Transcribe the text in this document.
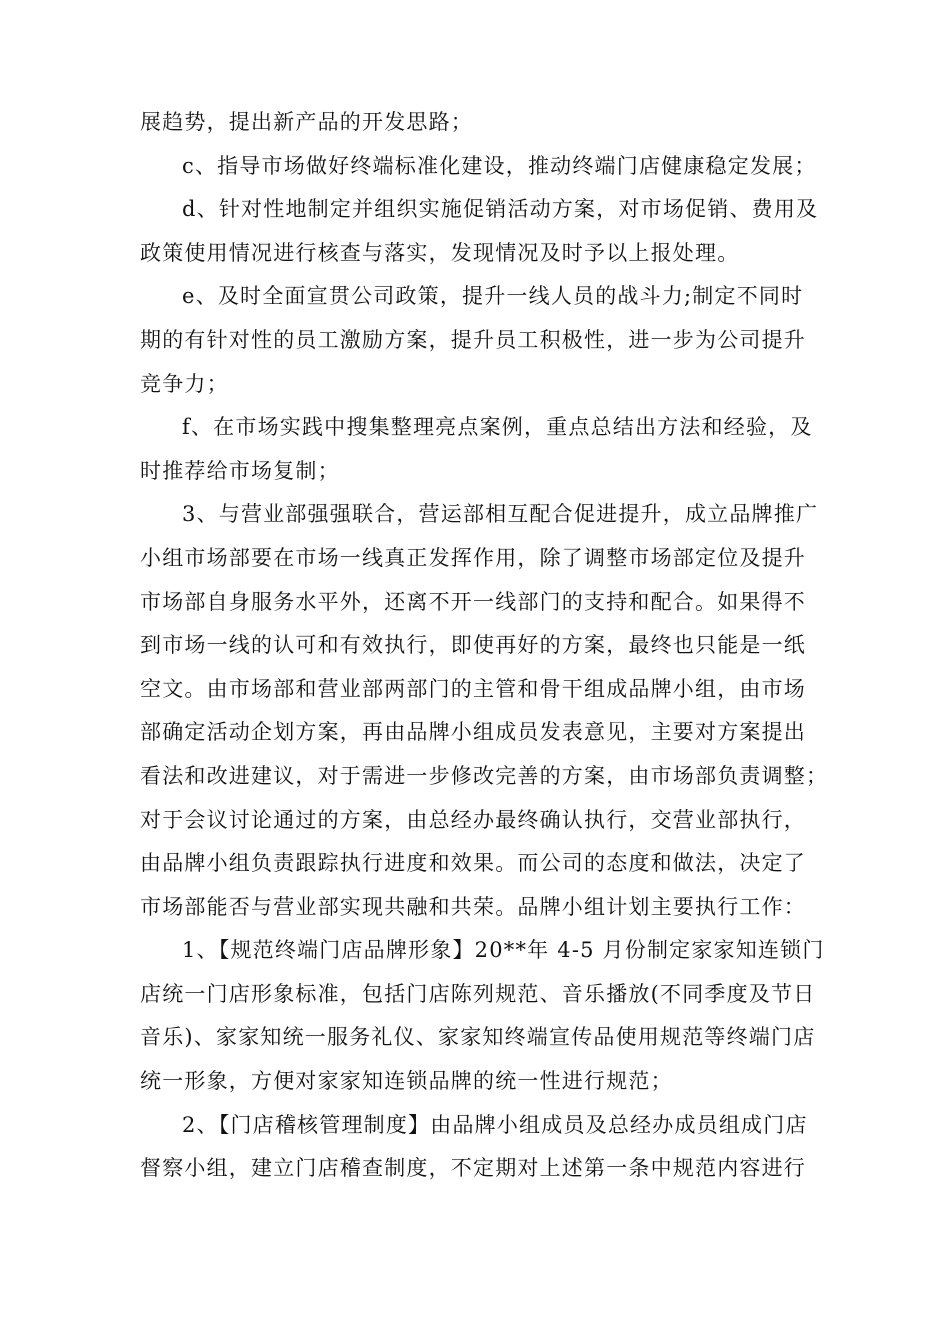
展趋势，提出新产品的开发思路；
c、指导市场做好终端标准化建设，推动终端门店健康稳定发展；
d、针对性地制定并组织实施促销活动方案，对市场促销、费用及
政策使用情况进行核查与落实，发现情况及时予以上报处理。
e、及时全面宣贯公司政策，提升一线人员的战斗力;制定不同时
期的有针对性的员工激励方案，提升员工积极性，进一步为公司提升
竞争力；
f、在市场实践中搜集整理亮点案例，重点总结出方法和经验，及
时推荐给市场复制；
3、与营业部强强联合，营运部相互配合促进提升，成立品牌推广
小组市场部要在市场一线真正发挥作用，除了调整市场部定位及提升
市场部自身服务水平外，还离不开一线部门的支持和配合。如果得不
到市场一线的认可和有效执行，即使再好的方案，最终也只能是一纸
空文。由市场部和营业部两部门的主管和骨干组成品牌小组，由市场
部确定活动企划方案，再由品牌小组成员发表意见，主要对方案提出
看法和改进建议，对于需进一步修改完善的方案，由市场部负责调整；
对于会议讨论通过的方案，由总经办最终确认执行，交营业部执行，
由品牌小组负责跟踪执行进度和效果。而公司的态度和做法，决定了
市场部能否与营业部实现共融和共荣。品牌小组计划主要执行工作：
1、【规范终端门店品牌形象】20**年 4-5 月份制定家家知连锁门
店统一门店形象标准，包括门店陈列规范、音乐播放(不同季度及节日
音乐)、家家知统一服务礼仪、家家知终端宣传品使用规范等终端门店
统一形象，方便对家家知连锁品牌的统一性进行规范；
2、【门店稽核管理制度】由品牌小组成员及总经办成员组成门店
督察小组，建立门店稽查制度，不定期对上述第一条中规范内容进行
